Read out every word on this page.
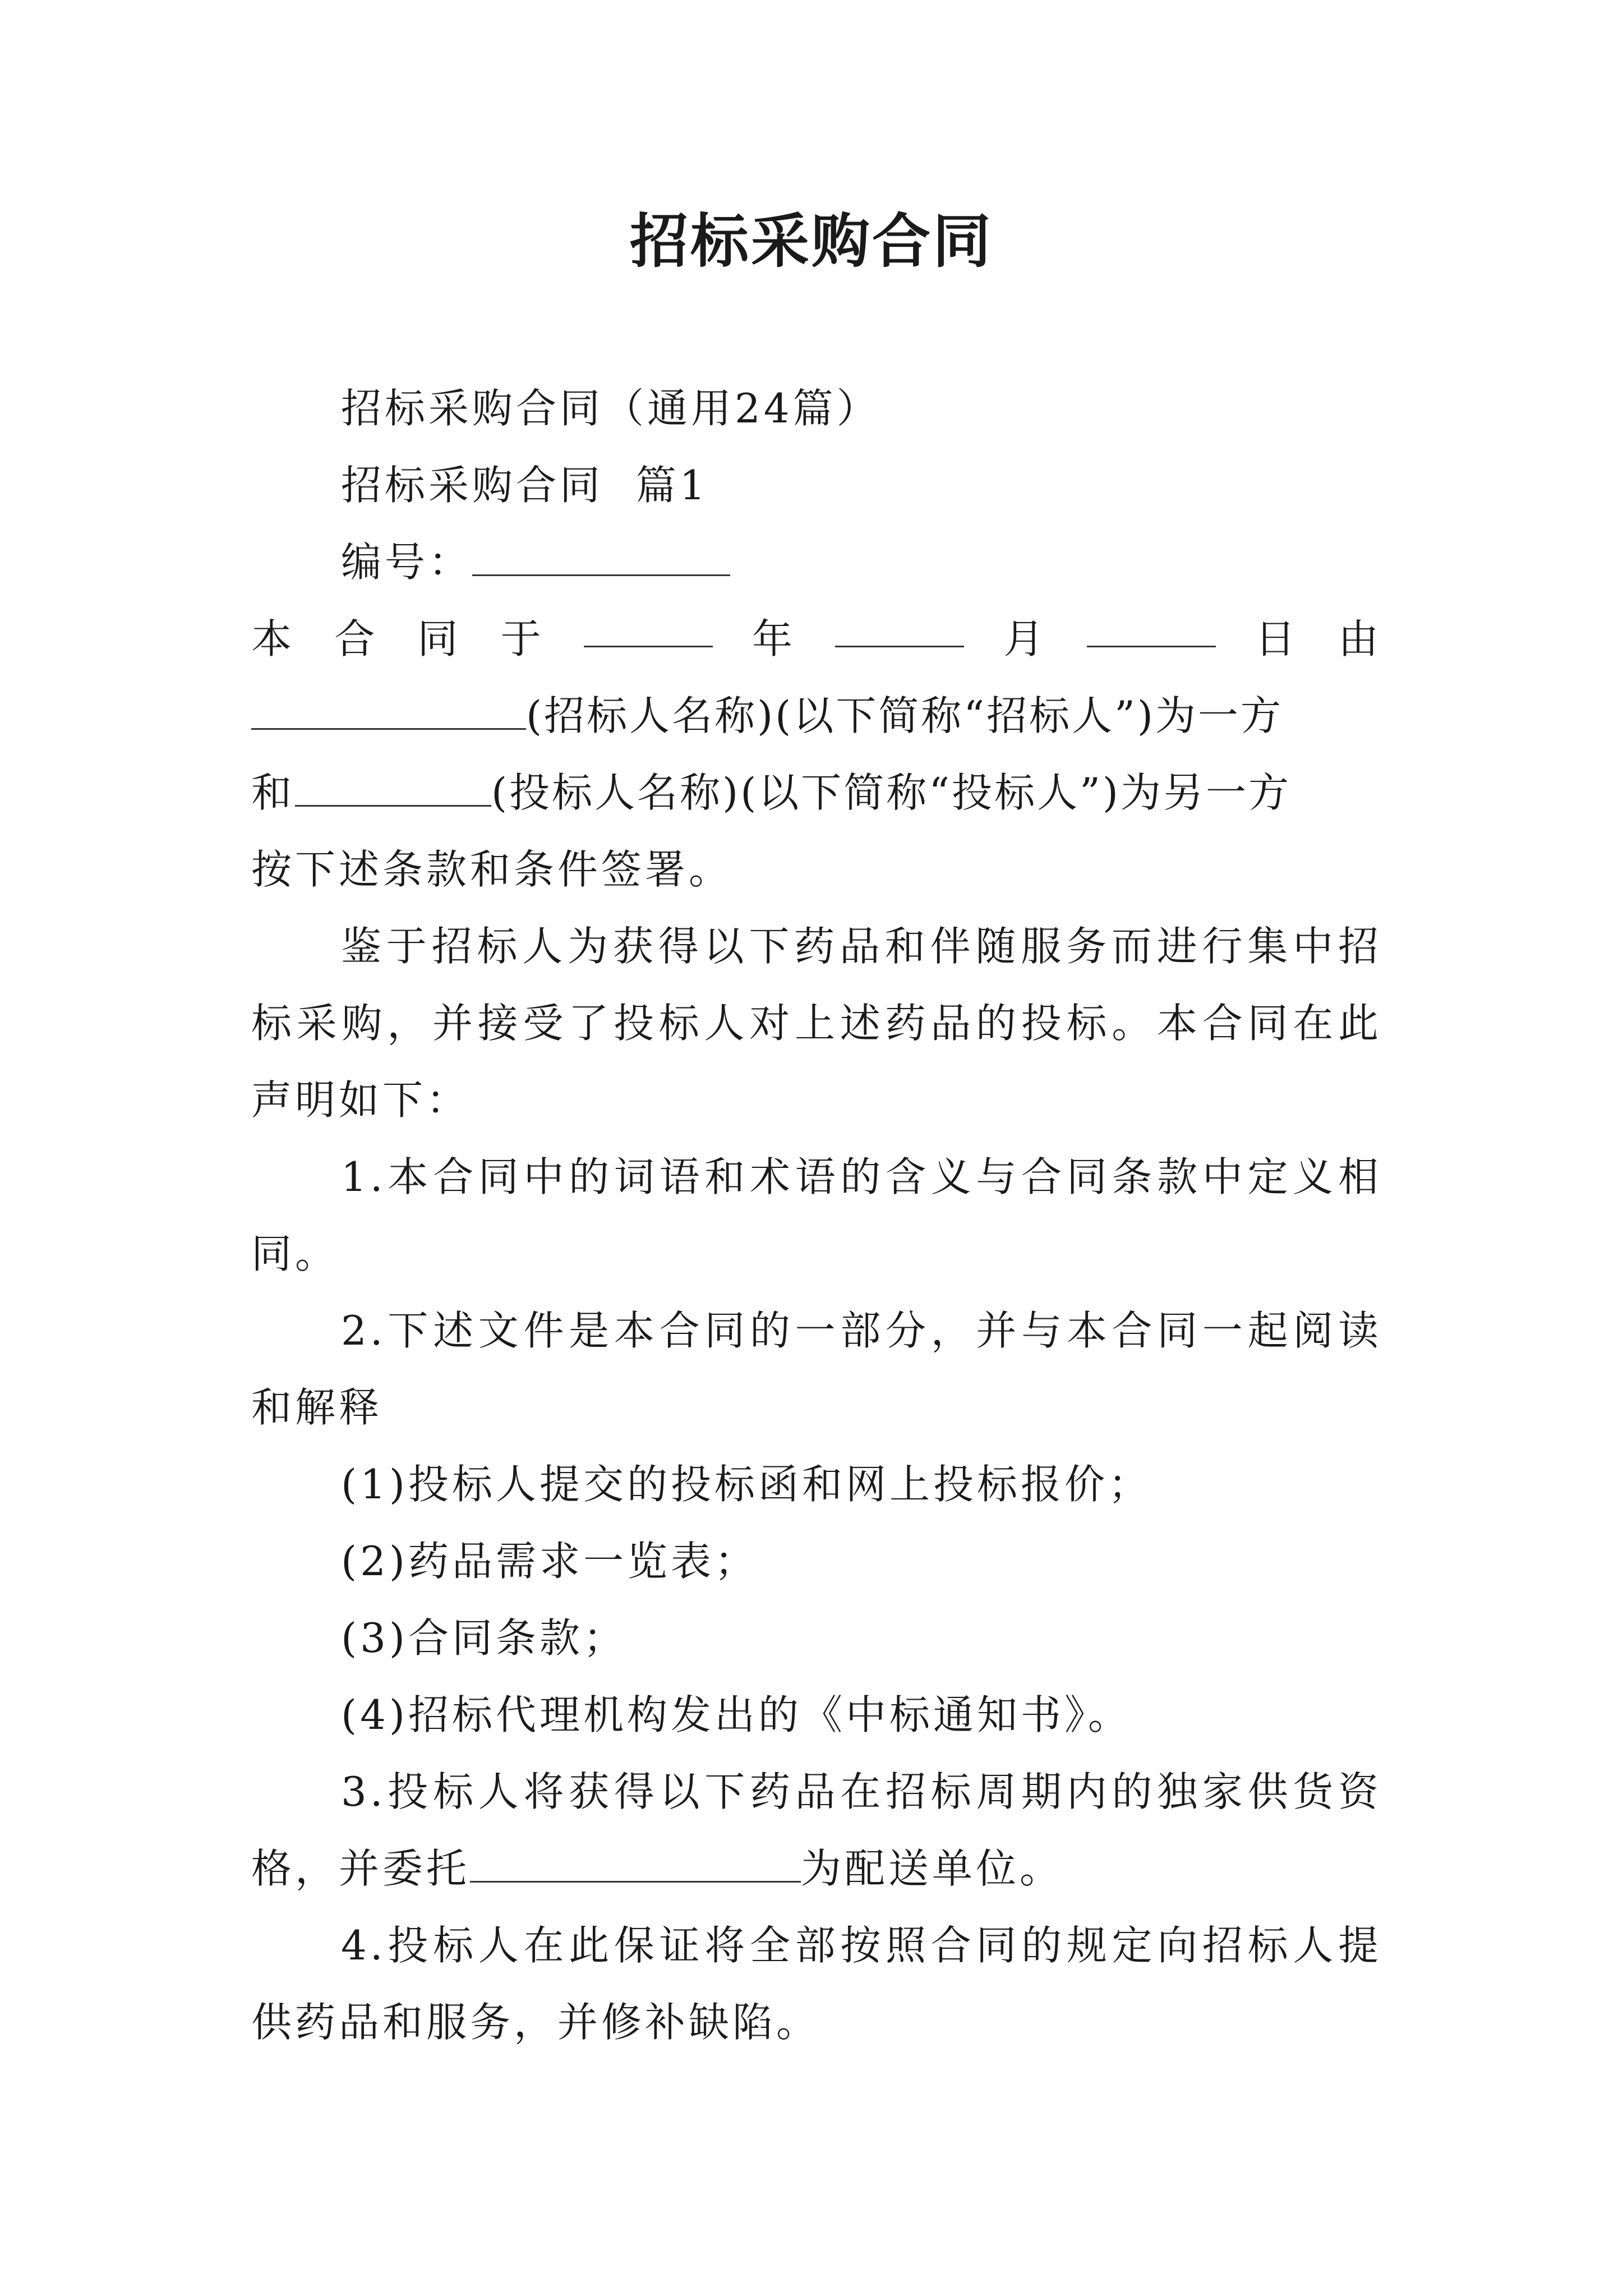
招标采购合同

招标采购合同（通用24篇）

招标采购合同  篇1

编号：

本 合 同 于	年	月	日 由

(招标人名称)(以下简称“招标人”)为一方

和	(投标人名称)(以下简称“投标人”)为另一方

按下述条款和条件签署。

鉴于招标人为获得以下药品和伴随服务而进行集中招标采购，并接受了投标人对上述药品的投标。本合同在此声明如下：

1.本合同中的词语和术语的含义与合同条款中定义相同。

2.下述文件是本合同的一部分，并与本合同一起阅读和解释

(1)投标人提交的投标函和网上投标报价；

(2)药品需求一览表；

(3)合同条款；

(4)招标代理机构发出的《中标通知书》。

3.投标人将获得以下药品在招标周期内的独家供货资格，并委托	为配送单位。

4.投标人在此保证将全部按照合同的规定向招标人提供药品和服务，并修补缺陷。
